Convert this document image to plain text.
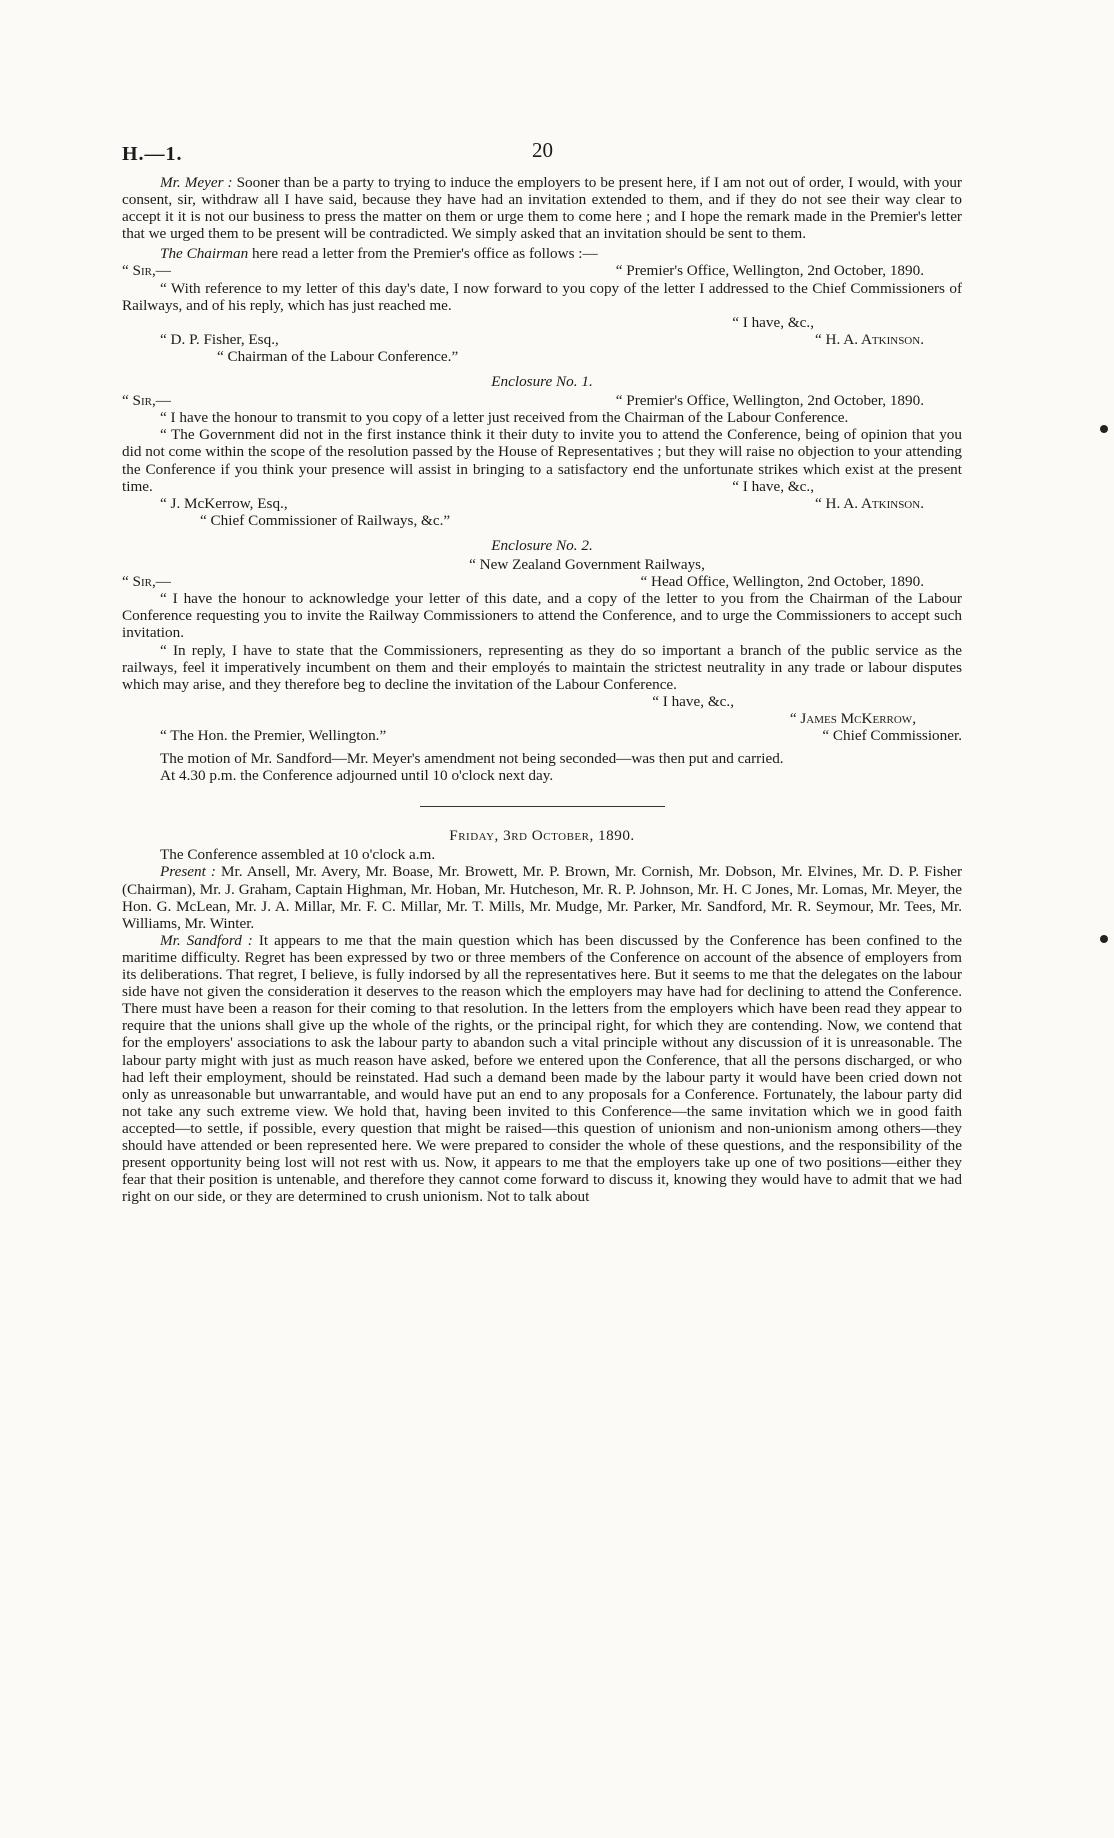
H.—1.	20

Mr. Meyer : Sooner than be a party to trying to induce the employers to be present here, if I am not out of order, I would, with your consent, sir, withdraw all I have said, because they have had an invitation extended to them, and if they do not see their way clear to accept it it is not our business to press the matter on them or urge them to come here ; and I hope the remark made in the Premier's letter that we urged them to be present will be contradicted. We simply asked that an invitation should be sent to them.

The Chairman here read a letter from the Premier's office as follows :—

“ Sir,—	“ Premier's Office, Wellington, 2nd October, 1890.

“ With reference to my letter of this day's date, I now forward to you copy of the letter I addressed to the Chief Commissioners of Railways, and of his reply, which has just reached me.

“ I have, &c.,
“ D. P. Fisher, Esq.,	“ H. A. Atkinson.
“ Chairman of the Labour Conference.”
Enclosure No. 1.
“ Sir,—	“ Premier's Office, Wellington, 2nd October, 1890.

“ I have the honour to transmit to you copy of a letter just received from the Chairman of the Labour Conference.

“ The Government did not in the first instance think it their duty to invite you to attend the Conference, being of opinion that you did not come within the scope of the resolution passed by the House of Representatives ; but they will raise no objection to your attending the Conference if you think your presence will assist in bringing to a satisfactory end the unfortunate strikes which exist at the present time.	“ I have, &c.,
“ J. McKerrow, Esq.,	“ H. A. Atkinson.
“ Chief Commissioner of Railways, &c.”
Enclosure No. 2.
“ New Zealand Government Railways,
“ Sir,—	“ Head Office, Wellington, 2nd October, 1890.

“ I have the honour to acknowledge your letter of this date, and a copy of the letter to you from the Chairman of the Labour Conference requesting you to invite the Railway Commissioners to attend the Conference, and to urge the Commissioners to accept such invitation.

“ In reply, I have to state that the Commissioners, representing as they do so important a branch of the public service as the railways, feel it imperatively incumbent on them and their employés to maintain the strictest neutrality in any trade or labour disputes which may arise, and they therefore beg to decline the invitation of the Labour Conference.

“ I have, &c.,
“ James McKerrow,
“ The Hon. the Premier, Wellington.”	“ Chief Commissioner.

The motion of Mr. Sandford—Mr. Meyer's amendment not being seconded—was then put and carried.

At 4.30 p.m. the Conference adjourned until 10 o'clock next day.

Friday, 3rd October, 1890.

The Conference assembled at 10 o'clock a.m.

Present : Mr. Ansell, Mr. Avery, Mr. Boase, Mr. Browett, Mr. P. Brown, Mr. Cornish, Mr. Dobson, Mr. Elvines, Mr. D. P. Fisher (Chairman), Mr. J. Graham, Captain Highman, Mr. Hoban, Mr. Hutcheson, Mr. R. P. Johnson, Mr. H. C Jones, Mr. Lomas, Mr. Meyer, the Hon. G. McLean, Mr. J. A. Millar, Mr. F. C. Millar, Mr. T. Mills, Mr. Mudge, Mr. Parker, Mr. Sandford, Mr. R. Seymour, Mr. Tees, Mr. Williams, Mr. Winter.

Mr. Sandford : It appears to me that the main question which has been discussed by the Conference has been confined to the maritime difficulty. Regret has been expressed by two or three members of the Conference on account of the absence of employers from its deliberations. That regret, I believe, is fully indorsed by all the representatives here. But it seems to me that the delegates on the labour side have not given the consideration it deserves to the reason which the employers may have had for declining to attend the Conference. There must have been a reason for their coming to that resolution. In the letters from the employers which have been read they appear to require that the unions shall give up the whole of the rights, or the principal right, for which they are contending. Now, we contend that for the employers' associations to ask the labour party to abandon such a vital principle without any discussion of it is unreasonable. The labour party might with just as much reason have asked, before we entered upon the Conference, that all the persons discharged, or who had left their employment, should be reinstated. Had such a demand been made by the labour party it would have been cried down not only as unreasonable but unwarrantable, and would have put an end to any proposals for a Conference. Fortunately, the labour party did not take any such extreme view. We hold that, having been invited to this Conference—the same invitation which we in good faith accepted—to settle, if possible, every question that might be raised—this question of unionism and non-unionism among others—they should have attended or been represented here. We were prepared to consider the whole of these questions, and the responsibility of the present opportunity being lost will not rest with us. Now, it appears to me that the employers take up one of two positions—either they fear that their position is untenable, and therefore they cannot come forward to discuss it, knowing they would have to admit that we had right on our side, or they are determined to crush unionism. Not to talk about
